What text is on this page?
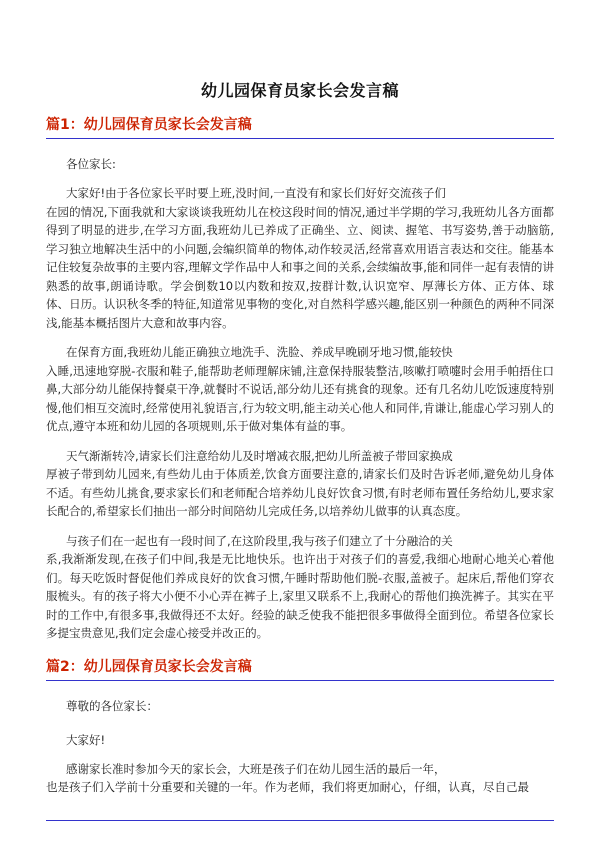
幼儿园保育员家长会发言稿
篇1：幼儿园保育员家长会发言稿
各位家长:
大家好!由于各位家长平时要上班,没时间,一直没有和家长们好好交流孩子们
在园的情况,下面我就和大家谈谈我班幼儿在校这段时间的情况,通过半学期的学习,我班幼儿各方面都得到了明显的进步,在学习方面,我班幼儿已养成了正确坐、立、阅读、握笔、书写姿势,善于动脑筋,学习独立地解决生活中的小问题,会编织简单的物体,动作较灵活,经常喜欢用语言表达和交往。能基本记住较复杂故事的主要内容,理解文学作品中人和事之间的关系,会续编故事,能和同伴一起有表情的讲熟悉的故事,朗诵诗歌。学会倒数10以内数和按双,按群计数,认识宽窄、厚薄长方体、正方体、球体、日历。认识秋冬季的特征,知道常见事物的变化,对自然科学感兴趣,能区别一种颜色的两种不同深浅,能基本概括图片大意和故事内容。
在保育方面,我班幼儿能正确独立地洗手、洗脸、养成早晚刷牙地习惯,能较快
入睡,迅速地穿脱-衣服和鞋子,能帮助老师理解床铺,注意保持服装整洁,咳嗽打喷嚏时会用手帕捂住口鼻,大部分幼儿能保持餐桌干净,就餐时不说话,部分幼儿还有挑食的现象。还有几名幼儿吃饭速度特别慢,他们相互交流时,经常使用礼貌语言,行为较文明,能主动关心他人和同伴,肯谦让,能虚心学习别人的优点,遵守本班和幼儿园的各项规则,乐于做对集体有益的事。
天气渐渐转冷,请家长们注意给幼儿及时增减衣服,把幼儿所盖被子带回家换成
厚被子带到幼儿园来,有些幼儿由于体质差,饮食方面要注意的,请家长们及时告诉老师,避免幼儿身体不适。有些幼儿挑食,要求家长们和老师配合培养幼儿良好饮食习惯,有时老师布置任务给幼儿,要求家长配合的,希望家长们抽出一部分时间陪幼儿完成任务,以培养幼儿做事的认真态度。
与孩子们在一起也有一段时间了,在这阶段里,我与孩子们建立了十分融洽的关
系,我渐渐发现,在孩子们中间,我是无比地快乐。也许出于对孩子们的喜爱,我细心地耐心地关心着他们。每天吃饭时督促他们养成良好的饮食习惯,午睡时帮助他们脱-衣服,盖被子。起床后,帮他们穿衣服梳头。有的孩子将大小便不小心弄在裤子上,家里又联系不上,我耐心的帮他们换洗裤子。其实在平时的工作中,有很多事,我做得还不太好。经验的缺乏使我不能把很多事做得全面到位。希望各位家长多提宝贵意见,我们定会虚心接受并改正的。
篇2：幼儿园保育员家长会发言稿
尊敬的各位家长：
大家好!
感谢家长准时参加今天的家长会，大班是孩子们在幼儿园生活的最后一年，
也是孩子们入学前十分重要和关键的一年。作为老师，我们将更加耐心，仔细，认真，尽自己最
